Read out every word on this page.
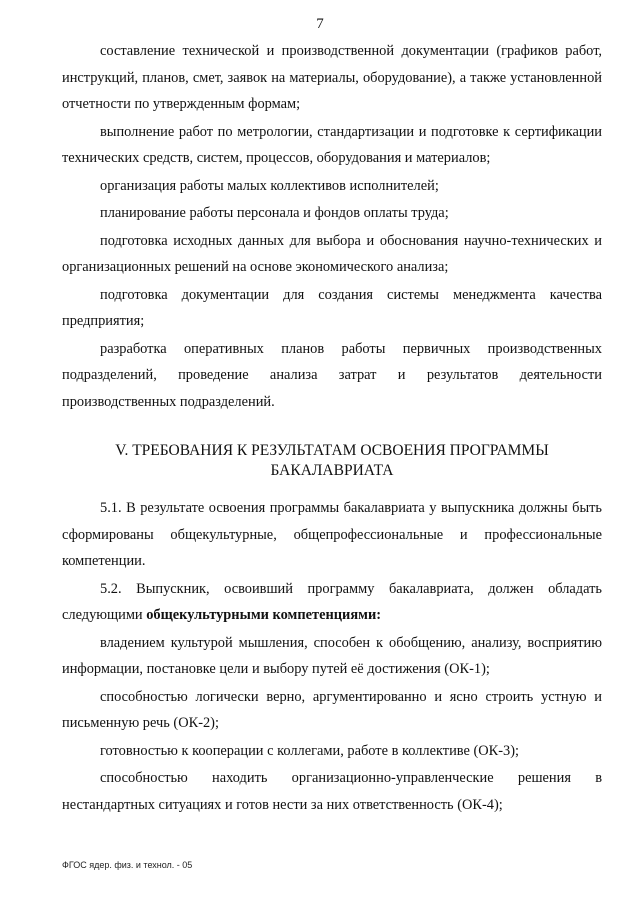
7

составление технической и производственной документации (графиков работ, инструкций, планов, смет, заявок на материалы, оборудование), а также установленной отчетности по утвержденным формам;

выполнение работ по метрологии, стандартизации и подготовке к сертификации технических средств, систем, процессов, оборудования и материалов;

организация работы малых коллективов исполнителей;

планирование работы персонала и фондов оплаты труда;

подготовка исходных данных для выбора и обоснования научно-технических и организационных решений на основе экономического анализа;

подготовка документации для создания системы менеджмента качества предприятия;

разработка оперативных планов работы первичных производственных подразделений, проведение анализа затрат и результатов деятельности производственных подразделений.

V. ТРЕБОВАНИЯ К РЕЗУЛЬТАТАМ ОСВОЕНИЯ ПРОГРАММЫ
БАКАЛАВРИАТА

5.1. В результате освоения программы бакалавриата у выпускника должны быть сформированы общекультурные, общепрофессиональные и профессиональные компетенции.

5.2. Выпускник, освоивший программу бакалавриата, должен обладать следующими общекультурными компетенциями:

владением культурой мышления, способен к обобщению, анализу, восприятию информации, постановке цели и выбору путей её достижения (ОК-1);

способностью логически верно, аргументированно и ясно строить устную и письменную речь (ОК-2);

готовностью к кооперации с коллегами, работе в коллективе (ОК-3);

способностью находить организационно-управленческие решения в нестандартных ситуациях и готов нести за них ответственность (ОК-4);

ФГОС ядер. физ. и технол. - 05
